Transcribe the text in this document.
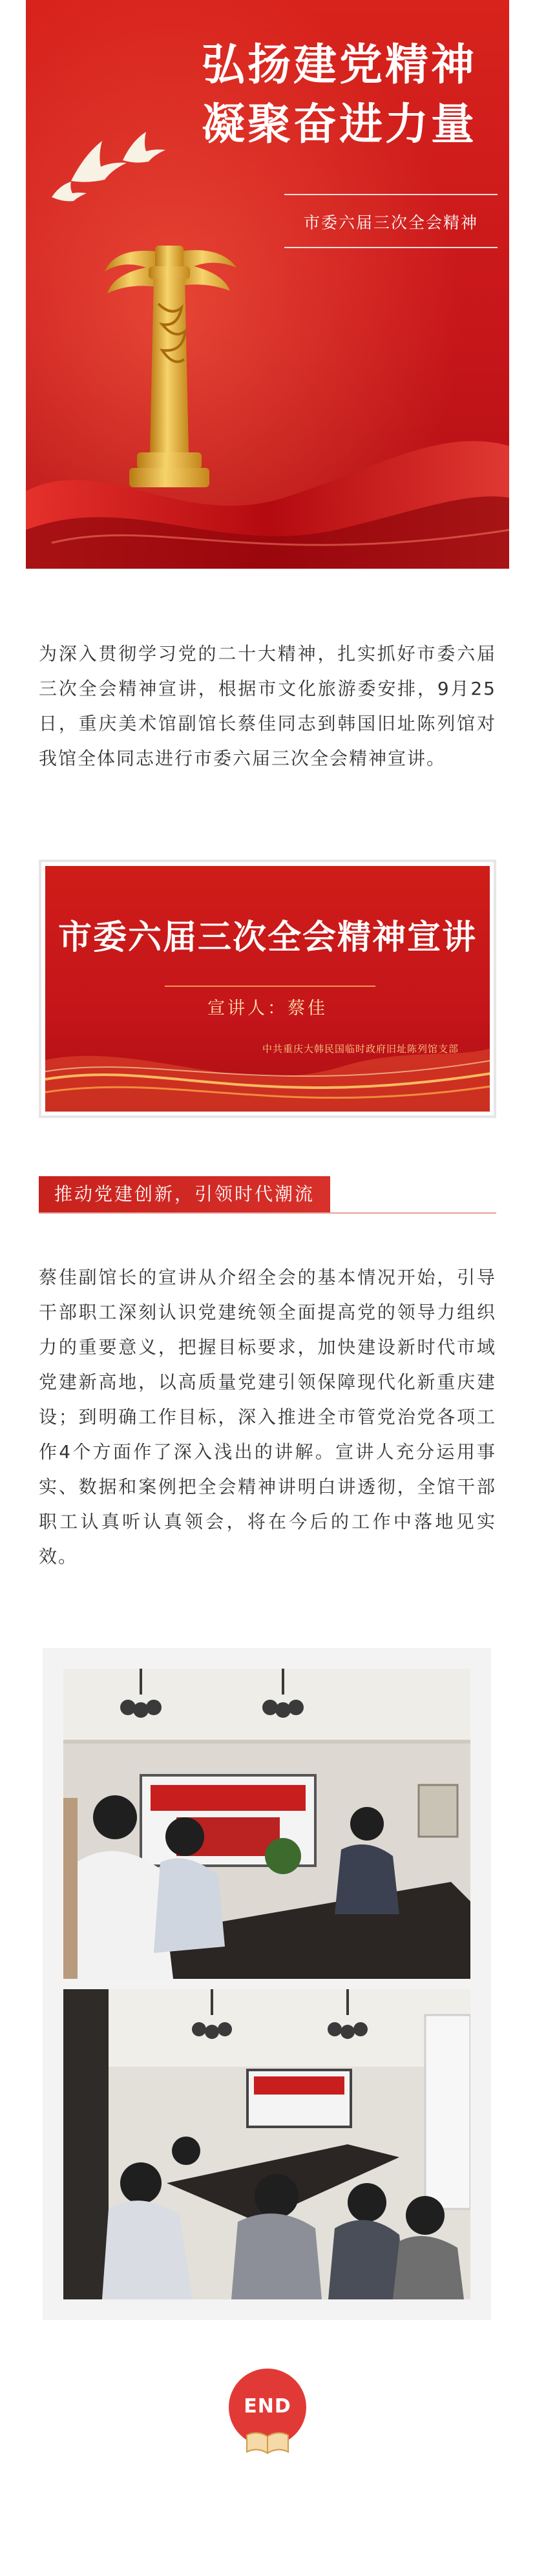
弘扬建党精神
凝聚奋进力量
市委六届三次全会精神
为深入贯彻学习党的二十大精神，扎实抓好市委六届三次全会精神宣讲，根据市文化旅游委安排，9月25日，重庆美术馆副馆长蔡佳同志到韩国旧址陈列馆对我馆全体同志进行市委六届三次全会精神宣讲。
市委六届三次全会精神宣讲
宣讲人：蔡佳
中共重庆大韩民国临时政府旧址陈列馆支部
推动党建创新，引领时代潮流
蔡佳副馆长的宣讲从介绍全会的基本情况开始，引导干部职工深刻认识党建统领全面提高党的领导力组织力的重要意义，把握目标要求，加快建设新时代市域党建新高地，以高质量党建引领保障现代化新重庆建设；到明确工作目标，深入推进全市管党治党各项工作4个方面作了深入浅出的讲解。宣讲人充分运用事实、数据和案例把全会精神讲明白讲透彻，全馆干部职工认真听认真领会，将在今后的工作中落地见实效。
END
